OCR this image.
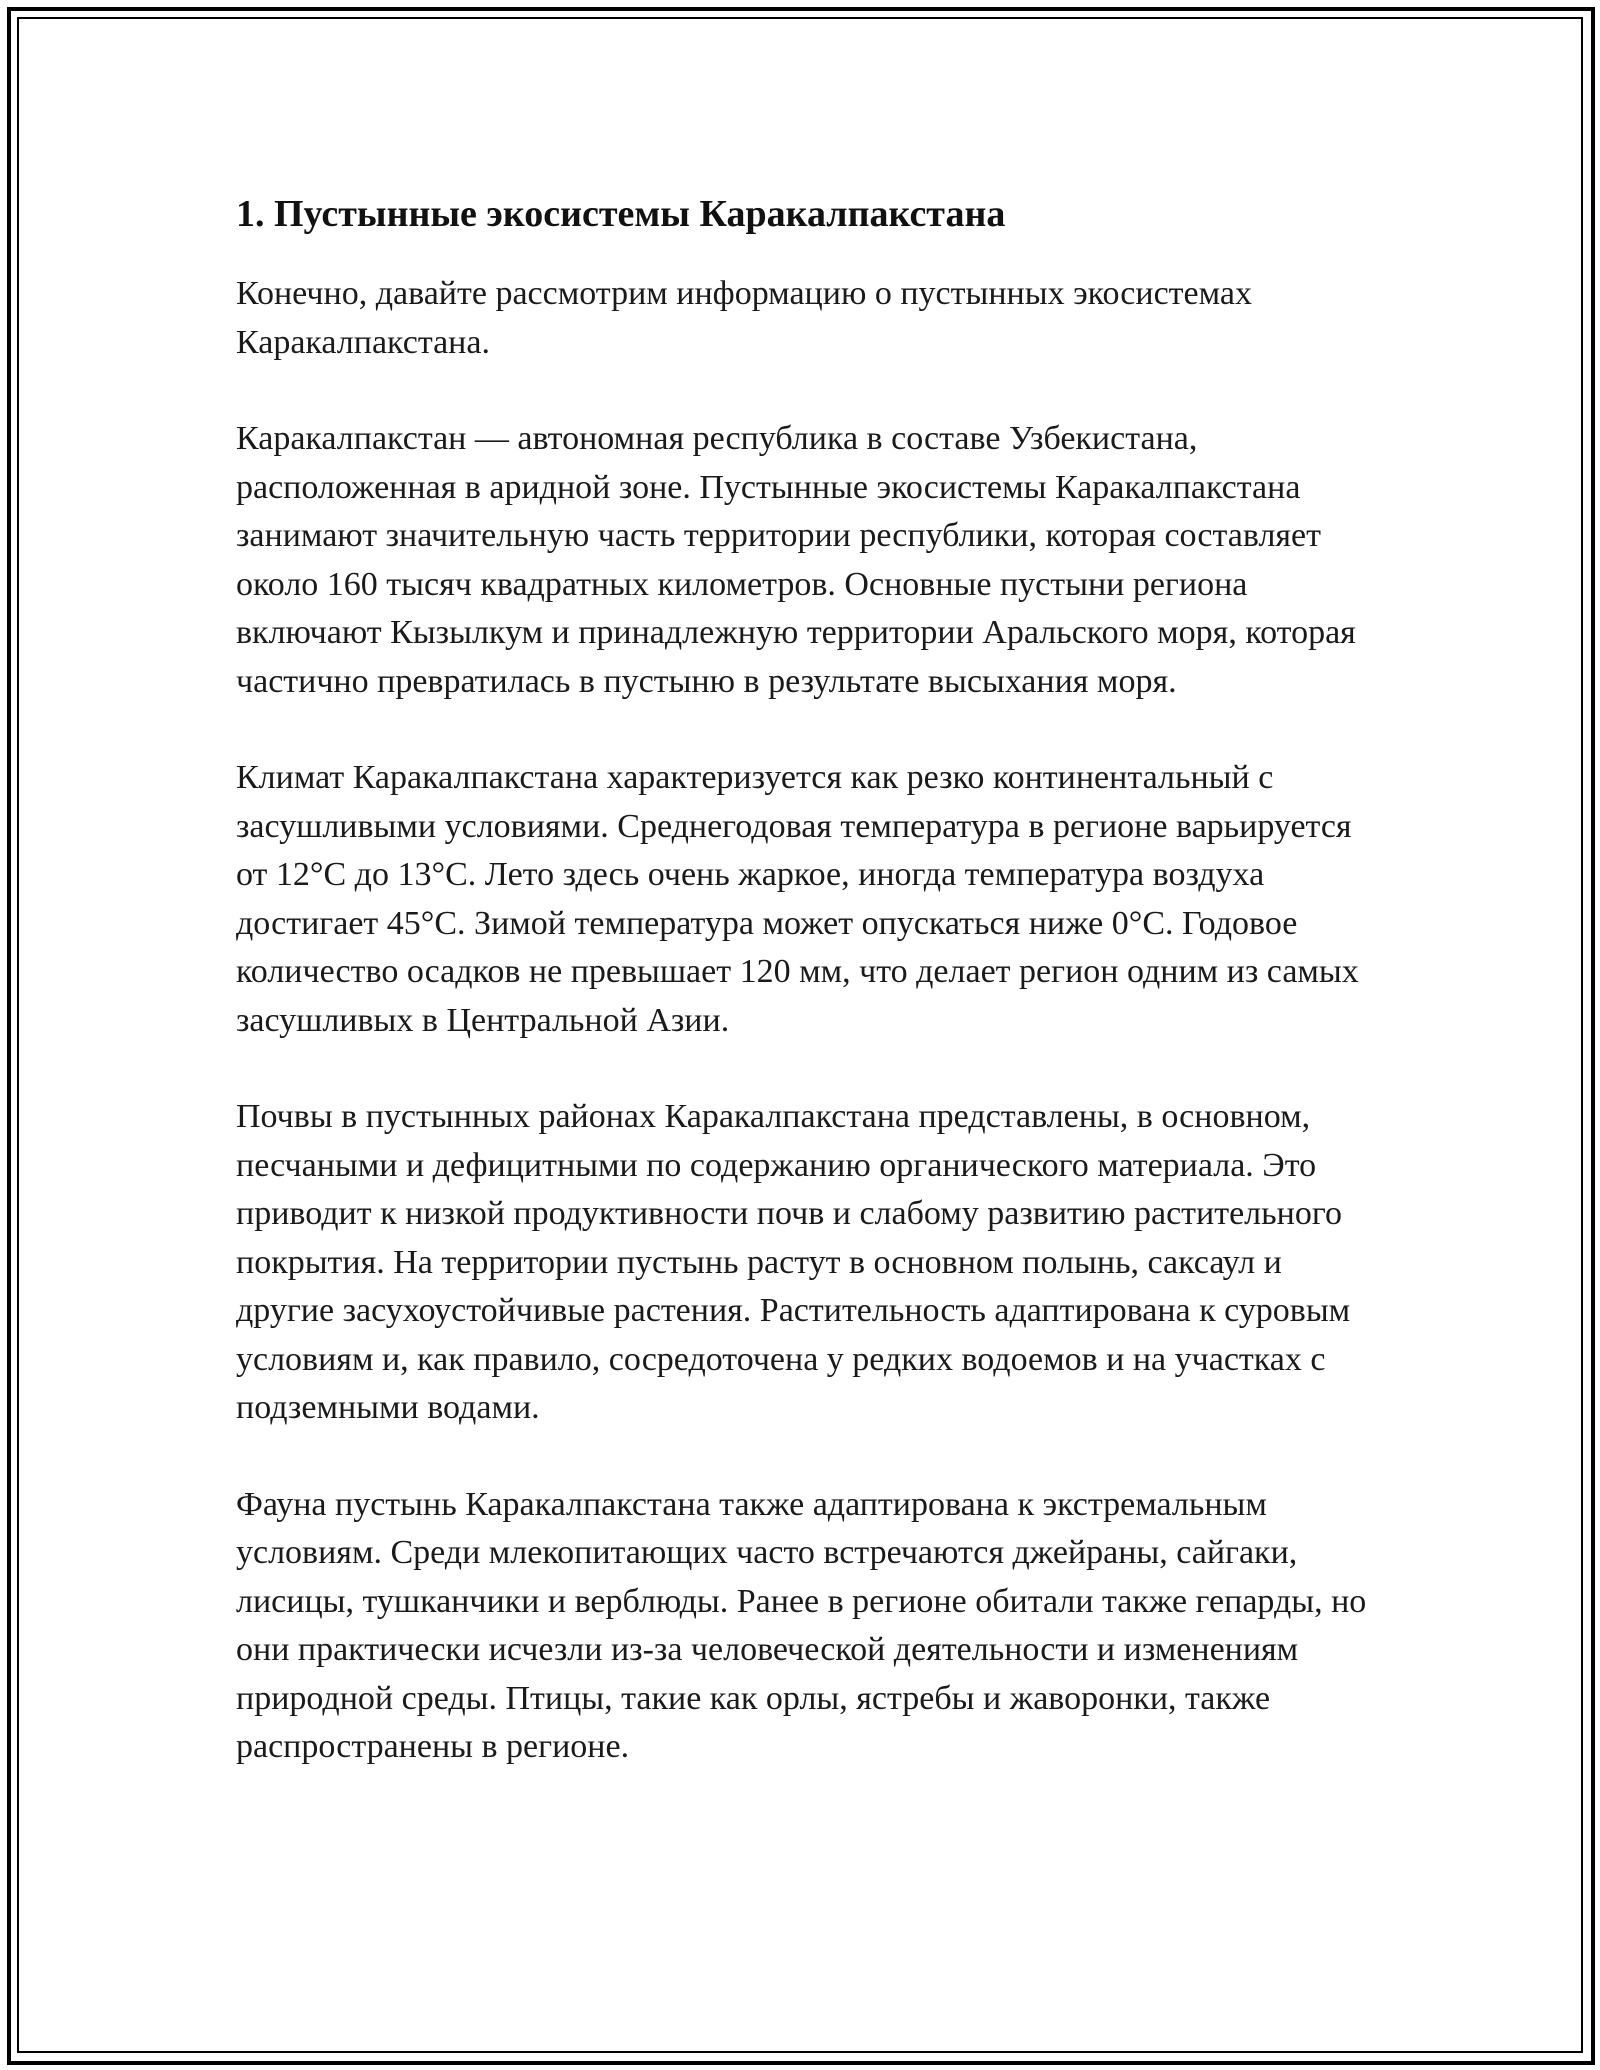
1. Пустынные экосистемы Каракалпакстана

Конечно, давайте рассмотрим информацию о пустынных экосистемах Каракалпакстана.

Каракалпакстан — автономная республика в составе Узбекистана, расположенная в аридной зоне. Пустынные экосистемы Каракалпакстана занимают значительную часть территории республики, которая составляет около 160 тысяч квадратных километров. Основные пустыни региона включают Кызылкум и принадлежную территории Аральского моря, которая частично превратилась в пустыню в результате высыхания моря.

Климат Каракалпакстана характеризуется как резко континентальный с засушливыми условиями. Среднегодовая температура в регионе варьируется от 12°C до 13°C. Лето здесь очень жаркое, иногда температура воздуха достигает 45°C. Зимой температура может опускаться ниже 0°C. Годовое количество осадков не превышает 120 мм, что делает регион одним из самых засушливых в Центральной Азии.

Почвы в пустынных районах Каракалпакстана представлены, в основном, песчаными и дефицитными по содержанию органического материала. Это приводит к низкой продуктивности почв и слабому развитию растительного покрытия. На территории пустынь растут в основном полынь, саксаул и другие засухоустойчивые растения. Растительность адаптирована к суровым условиям и, как правило, сосредоточена у редких водоемов и на участках с подземными водами.

Фауна пустынь Каракалпакстана также адаптирована к экстремальным условиям. Среди млекопитающих часто встречаются джейраны, сайгаки, лисицы, тушканчики и верблюды. Ранее в регионе обитали также гепарды, но они практически исчезли из-за человеческой деятельности и изменениям природной среды. Птицы, такие как орлы, ястребы и жаворонки, также распространены в регионе.
